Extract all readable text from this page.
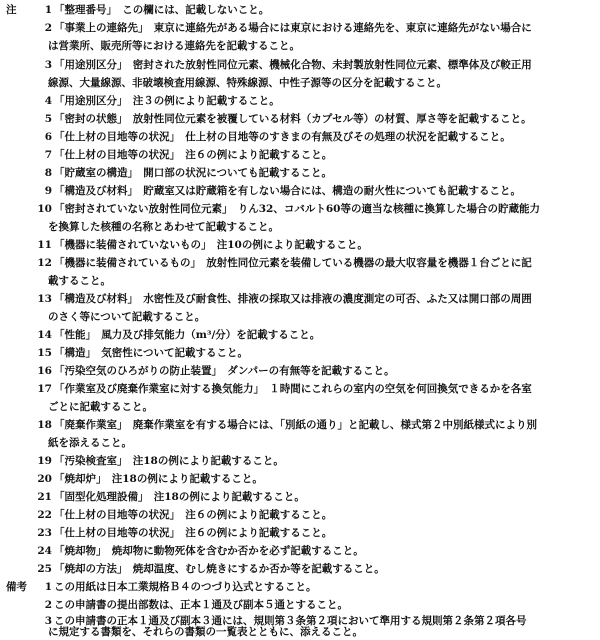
注	1 「整理番号」　この欄には、記載しないこと。
2 「事業上の連絡先」　東京に連絡先がある場合には東京における連絡先を、東京に連絡先がない場合に
は営業所、販売所等における連絡先を記載すること。
3 「用途別区分」　密封された放射性同位元素、機械化合物、未封製放射性同位元素、標準体及び較正用
線源、大量線源、非破壊検査用線源、特殊線源、中性子源等の区分を記載すること。
4 「用途別区分」　注３の例により記載すること。
5 「密封の状態」　放射性同位元素を被覆している材料（カプセル等）の材質、厚さ等を記載すること。
6 「仕上材の目地等の状況」　仕上材の目地等のすきまの有無及びその処理の状況を記載すること。
7 「仕上材の目地等の状況」　注６の例により記載すること。
8 「貯蔵室の構造」　開口部の状況についても記載すること。
9 「構造及び材料」　貯蔵室又は貯蔵箱を有しない場合には、構造の耐火性についても記載すること。
10 「密封されていない放射性同位元素」　りん32、コバルト60等の適当な核種に換算した場合の貯蔵能力
を換算した核種の名称とあわせて記載すること。
11 「機器に装備されていないもの」　注10の例により記載すること。
12 「機器に装備されているもの」　放射性同位元素を装備している機器の最大収容量を機器１台ごとに記
載すること。
13 「構造及び材料」　水密性及び耐食性、排液の採取又は排液の濃度測定の可否、ふた又は開口部の周囲
のさく等について記載すること。
14 「性能」　風力及び排気能力（m³/分）を記載すること。
15 「構造」　気密性について記載すること。
16 「汚染空気のひろがりの防止装置」　ダンパーの有無等を記載すること。
17 「作業室及び廃棄作業室に対する換気能力」　１時間にこれらの室内の空気を何回換気できるかを各室
ごとに記載すること。
18 「廃棄作業室」　廃棄作業室を有する場合には、「別紙の通り」と記載し、様式第２中別紙様式により別
紙を添えること。
19 「汚染検査室」　注18の例により記載すること。
20 「焼却炉」　注18の例により記載すること。
21 「固型化処理設備」　注18の例により記載すること。
22 「仕上材の目地等の状況」　注６の例により記載すること。
23 「仕上材の目地等の状況」　注６の例により記載すること。
24 「焼却物」　焼却物に動物死体を含むか否かを必ず記載すること。
25 「焼却の方法」　焼却温度、むし焼きにするか否か等を記載すること。
備考	1 この用紙は日本工業規格Ｂ４のつづり込式とすること。
2 この申請書の提出部数は、正本１通及び副本５通とすること。
3 この申請書の正本１通及び副本３通には、規則第３条第２項において準用する規則第２条第２項各号
に規定する書類を、それらの書類の一覧表とともに、添えること。
